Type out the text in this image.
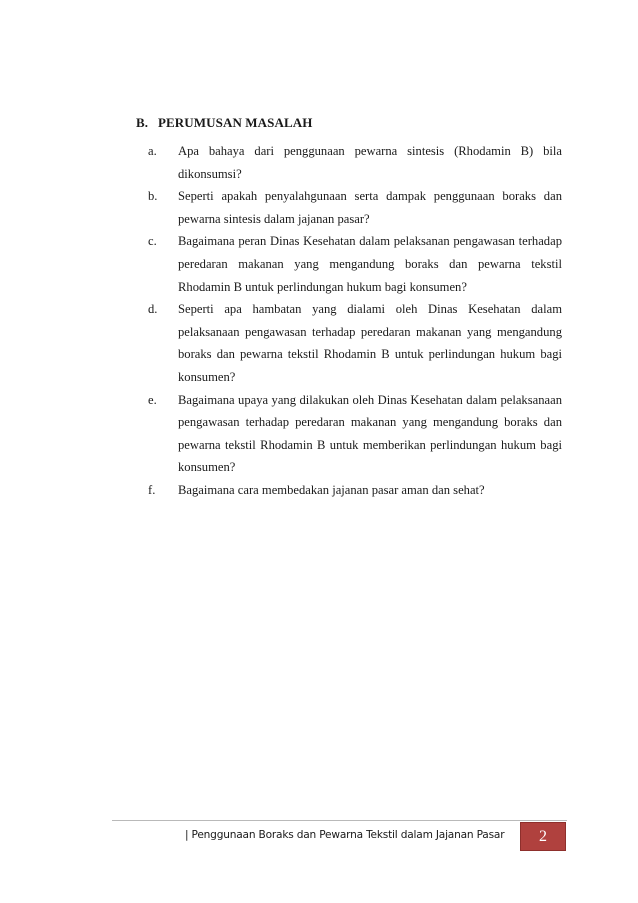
B. PERUMUSAN MASALAH
a. Apa bahaya dari penggunaan pewarna sintesis (Rhodamin B) bila dikonsumsi?
b. Seperti apakah penyalahgunaan serta dampak penggunaan boraks dan pewarna sintesis dalam jajanan pasar?
c. Bagaimana peran Dinas Kesehatan dalam pelaksanan pengawasan terhadap peredaran makanan yang mengandung boraks dan pewarna tekstil Rhodamin B untuk perlindungan hukum bagi konsumen?
d. Seperti apa hambatan yang dialami oleh Dinas Kesehatan dalam pelaksanaan pengawasan terhadap peredaran makanan yang mengandung boraks dan pewarna tekstil Rhodamin B untuk perlindungan hukum bagi konsumen?
e. Bagaimana upaya yang dilakukan oleh Dinas Kesehatan dalam pelaksanaan pengawasan terhadap peredaran makanan yang mengandung boraks dan pewarna tekstil Rhodamin B untuk memberikan perlindungan hukum bagi konsumen?
f. Bagaimana cara membedakan jajanan pasar aman dan sehat?
| Penggunaan Boraks dan Pewarna Tekstil dalam Jajanan Pasar	2
